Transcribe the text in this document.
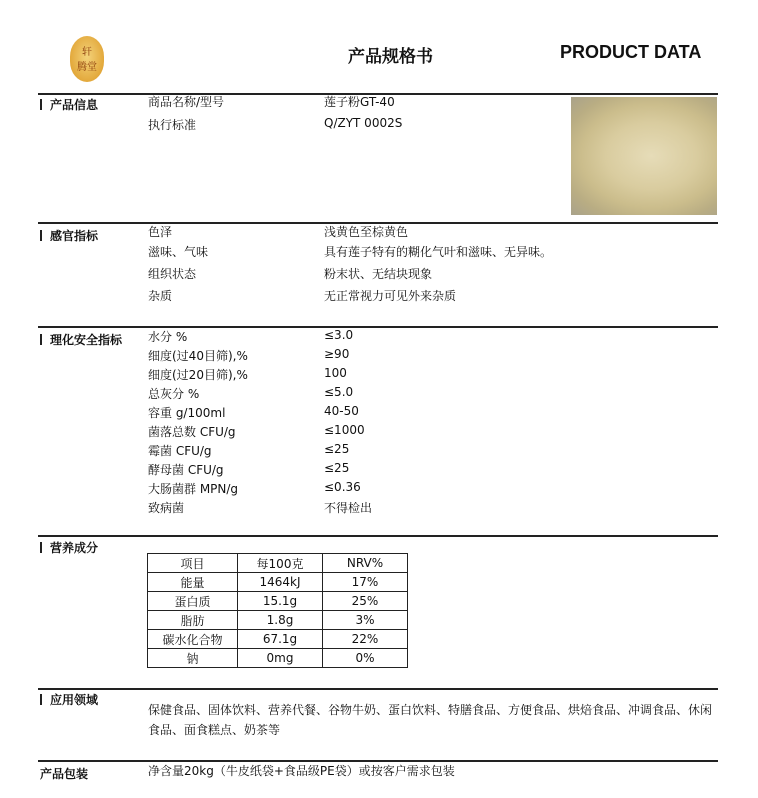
轩
腾堂
产品规格书	PRODUCT DATA
产品信息	商品名称/型号	莲子粉GT-40
执行标准	Q/ZYT 0002S
感官指标	色泽	浅黄色至棕黄色
滋味、气味	具有莲子特有的糊化气叶和滋味、无异味。
组织状态	粉末状、无结块现象
杂质	无正常视力可见外来杂质
理化安全指标 水分 %	≤3.0
细度(过40目筛),%	≥90
细度(过20目筛),%	100
总灰分 %	≤5.0
容重 g/100ml	40-50
菌落总数 CFU/g	≤1000
霉菌 CFU/g	≤25
酵母菌 CFU/g	≤25
大肠菌群 MPN/g	≤0.36
致病菌	不得检出
营养成分
项目	每100克	NRV%
能量	1464kJ	17%
蛋白质	15.1g	25%
脂肪	1.8g	3%
碳水化合物	67.1g	22%
钠	0mg	0%
应用领域
保健食品、固体饮料、营养代餐、谷物牛奶、蛋白饮料、特膳食品、方便食品、烘焙食品、冲调食品、休闲食品、面食糕点、奶茶等
产品包装	净含量20kg（牛皮纸袋+食品级PE袋）或按客户需求包装
